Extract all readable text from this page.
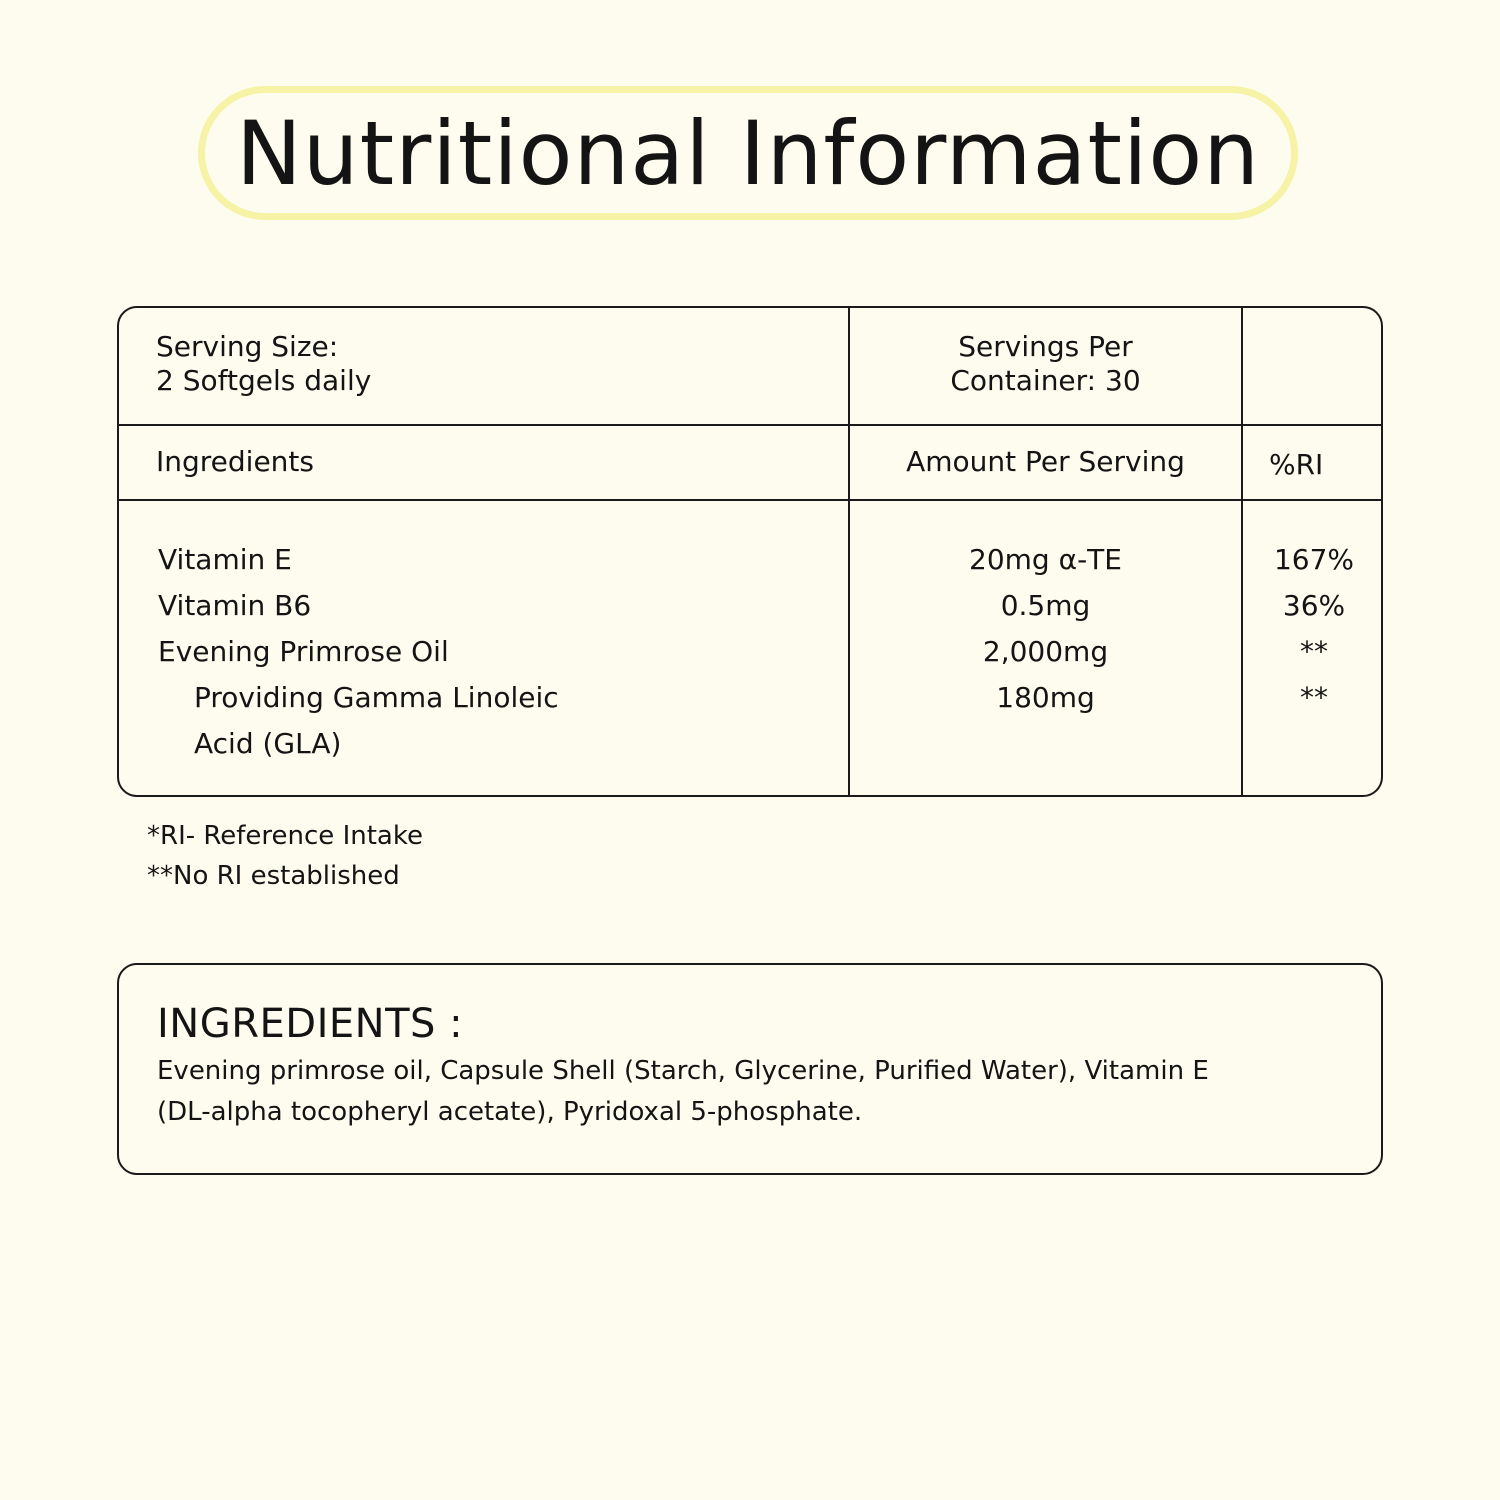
Nutritional Information
Serving Size:
2 Softgels daily
Servings Per
Container: 30
Ingredients	Amount Per Serving	%RI
Vitamin E
Vitamin B6
Evening Primrose Oil
Providing Gamma Linoleic
Acid (GLA)
20mg α-TE
0.5mg
2,000mg
180mg
167%
36%
**
**
*RI- Reference Intake
**No RI established
INGREDIENTS :
Evening primrose oil, Capsule Shell (Starch, Glycerine, Purified Water), Vitamin E
(DL-alpha tocopheryl acetate), Pyridoxal 5-phosphate.
